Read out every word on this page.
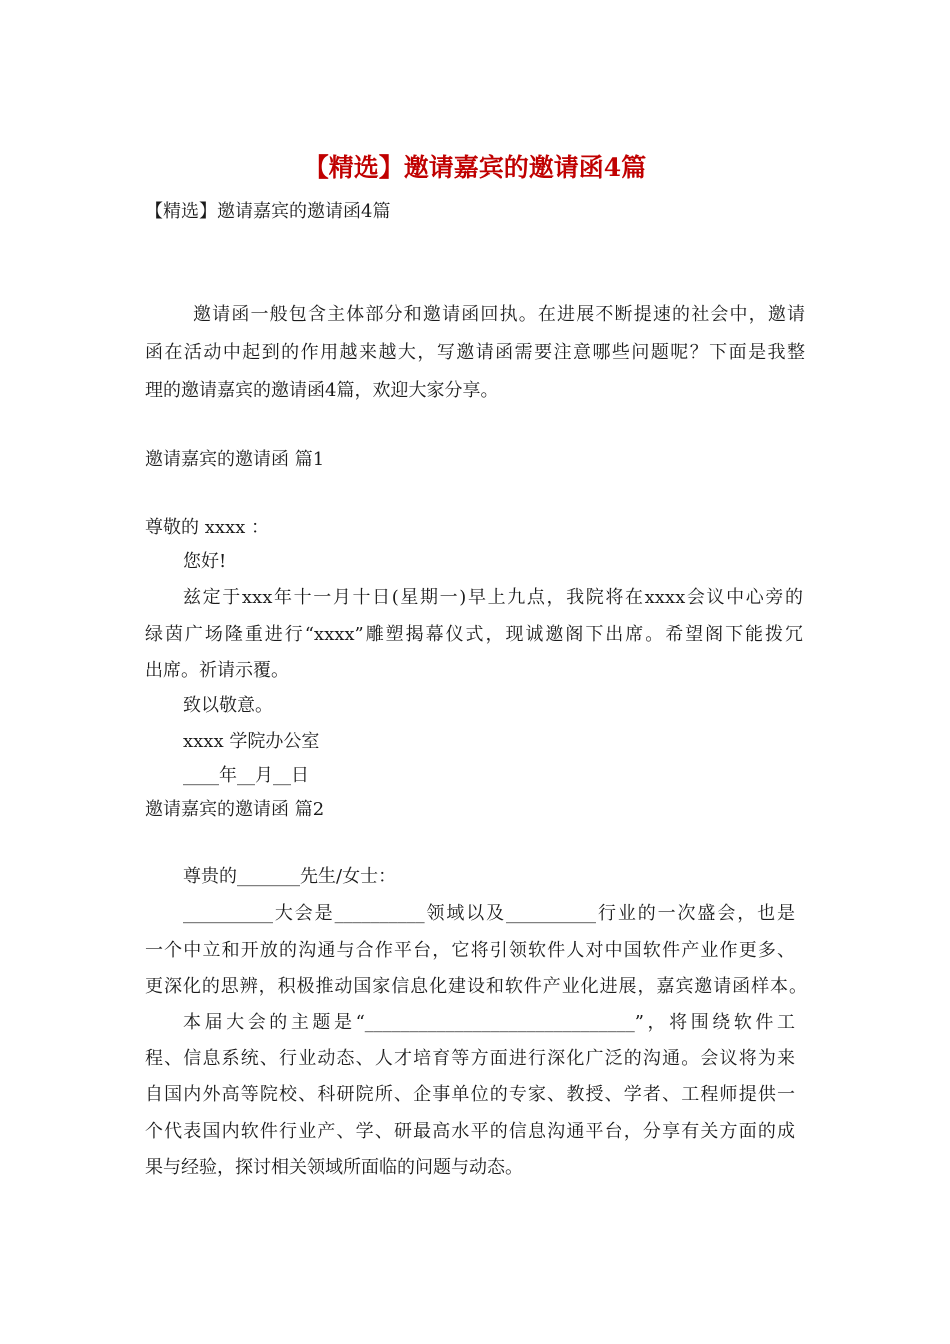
【精选】邀请嘉宾的邀请函4篇
【精选】邀请嘉宾的邀请函4篇
邀请函一般包含主体部分和邀请函回执。在进展不断提速的社会中，邀请
函在活动中起到的作用越来越大，写邀请函需要注意哪些问题呢？下面是我整
理的邀请嘉宾的邀请函4篇，欢迎大家分享。
邀请嘉宾的邀请函 篇1
尊敬的 xxxx ：
您好!
兹定于xxx年十一月十日(星期一)早上九点，我院将在xxxx会议中心旁的
绿茵广场隆重进行“xxxx”雕塑揭幕仪式，现诚邀阁下出席。希望阁下能拨冗
出席。祈请示覆。
致以敬意。
xxxx 学院办公室
____年__月__日
邀请嘉宾的邀请函 篇2
尊贵的_______先生/女士：
__________大会是__________领域以及__________行业的一次盛会，也是
一个中立和开放的沟通与合作平台，它将引领软件人对中国软件产业作更多、
更深化的思辨，积极推动国家信息化建设和软件产业化进展，嘉宾邀请函样本。
本届大会的主题是“______________________________”，将围绕软件工
程、信息系统、行业动态、人才培育等方面进行深化广泛的沟通。会议将为来
自国内外高等院校、科研院所、企事单位的专家、教授、学者、工程师提供一
个代表国内软件行业产、学、研最高水平的信息沟通平台，分享有关方面的成
果与经验，探讨相关领域所面临的问题与动态。
